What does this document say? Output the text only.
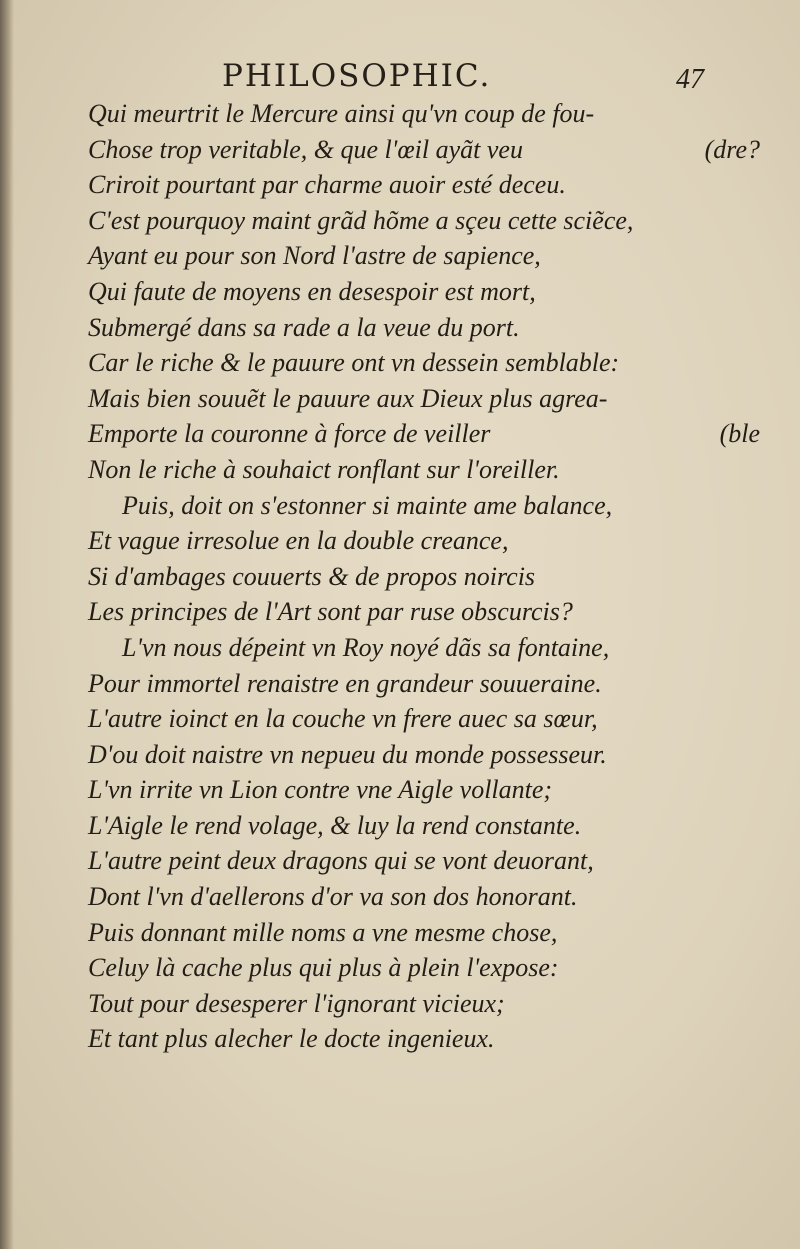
PHILOSOPHIC.	47
Qui meurtrit le Mercure ainsi qu'vn coup de fou-
Chose trop veritable, & que l'œil ayãt veu	(dre?
Criroit pourtant par charme auoir esté deceu.
C'est pourquoy maint grãd hõme a sçeu cette sciẽce,
Ayant eu pour son Nord l'astre de sapience,
Qui faute de moyens en desespoir est mort,
Submergé dans sa rade a la veue du port.
Car le riche & le pauure ont vn dessein semblable:
Mais bien souuẽt le pauure aux Dieux plus agrea-
Emporte la couronne à force de veiller	(ble
Non le riche à souhaict ronflant sur l'oreiller.
Puis, doit on s'estonner si mainte ame balance,
Et vague irresolue en la double creance,
Si d'ambages couuerts & de propos noircis
Les principes de l'Art sont par ruse obscurcis?
L'vn nous dépeint vn Roy noyé dãs sa fontaine,
Pour immortel renaistre en grandeur souueraine.
L'autre ioinct en la couche vn frere auec sa sœur,
D'ou doit naistre vn nepueu du monde possesseur.
L'vn irrite vn Lion contre vne Aigle vollante;
L'Aigle le rend volage, & luy la rend constante.
L'autre peint deux dragons qui se vont deuorant,
Dont l'vn d'aellerons d'or va son dos honorant.
Puis donnant mille noms a vne mesme chose,
Celuy là cache plus qui plus à plein l'expose:
Tout pour desesperer l'ignorant vicieux;
Et tant plus alecher le docte ingenieux.
